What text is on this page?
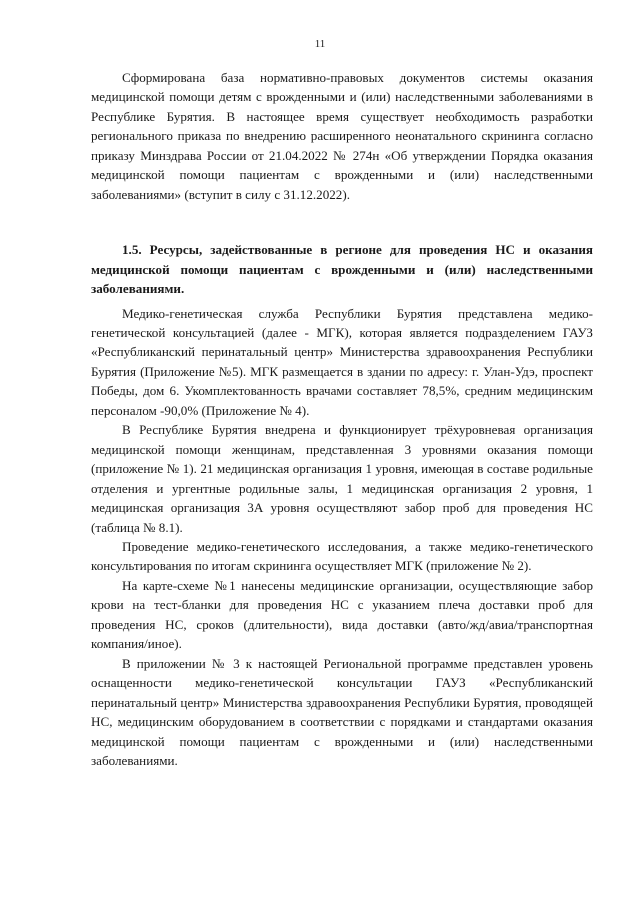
11

Сформирована база нормативно-правовых документов системы оказания медицинской помощи детям с врожденными и (или) наследственными заболеваниями в Республике Бурятия. В настоящее время существует необходимость разработки регионального приказа по внедрению расширенного неонатального скрининга согласно приказу Минздрава России от 21.04.2022 № 274н «Об утверждении Порядка оказания медицинской помощи пациентам с врожденными и (или) наследственными заболеваниями» (вступит в силу с 31.12.2022).

1.5. Ресурсы, задействованные в регионе для проведения НС и оказания медицинской помощи пациентам с врожденными и (или) наследственными заболеваниями.

Медико-генетическая служба Республики Бурятия представлена медико-генетической консультацией (далее - МГК), которая является подразделением ГАУЗ «Республиканский перинатальный центр» Министерства здравоохранения Республики Бурятия (Приложение №5). МГК размещается в здании по адресу: г. Улан-Удэ, проспект Победы, дом 6. Укомплектованность врачами составляет 78,5%, средним медицинским персоналом -90,0% (Приложение № 4).

В Республике Бурятия внедрена и функционирует трёхуровневая организация медицинской помощи женщинам, представленная 3 уровнями оказания помощи (приложение № 1). 21 медицинская организация 1 уровня, имеющая в составе родильные отделения и ургентные родильные залы, 1 медицинская организация 2 уровня, 1 медицинская организация 3А уровня осуществляют забор проб для проведения НС (таблица № 8.1).

Проведение медико-генетического исследования, а также медико-генетического консультирования по итогам скрининга осуществляет МГК (приложение № 2).

На карте-схеме №1 нанесены медицинские организации, осуществляющие забор крови на тест-бланки для проведения НС с указанием плеча доставки проб для проведения НС, сроков (длительности), вида доставки (авто/жд/авиа/транспортная компания/иное).

В приложении № 3 к настоящей Региональной программе представлен уровень оснащенности медико-генетической консультации ГАУЗ «Республиканский перинатальный центр» Министерства здравоохранения Республики Бурятия, проводящей НС, медицинским оборудованием в соответствии с порядками и стандартами оказания медицинской помощи пациентам с врожденными и (или) наследственными заболеваниями.
